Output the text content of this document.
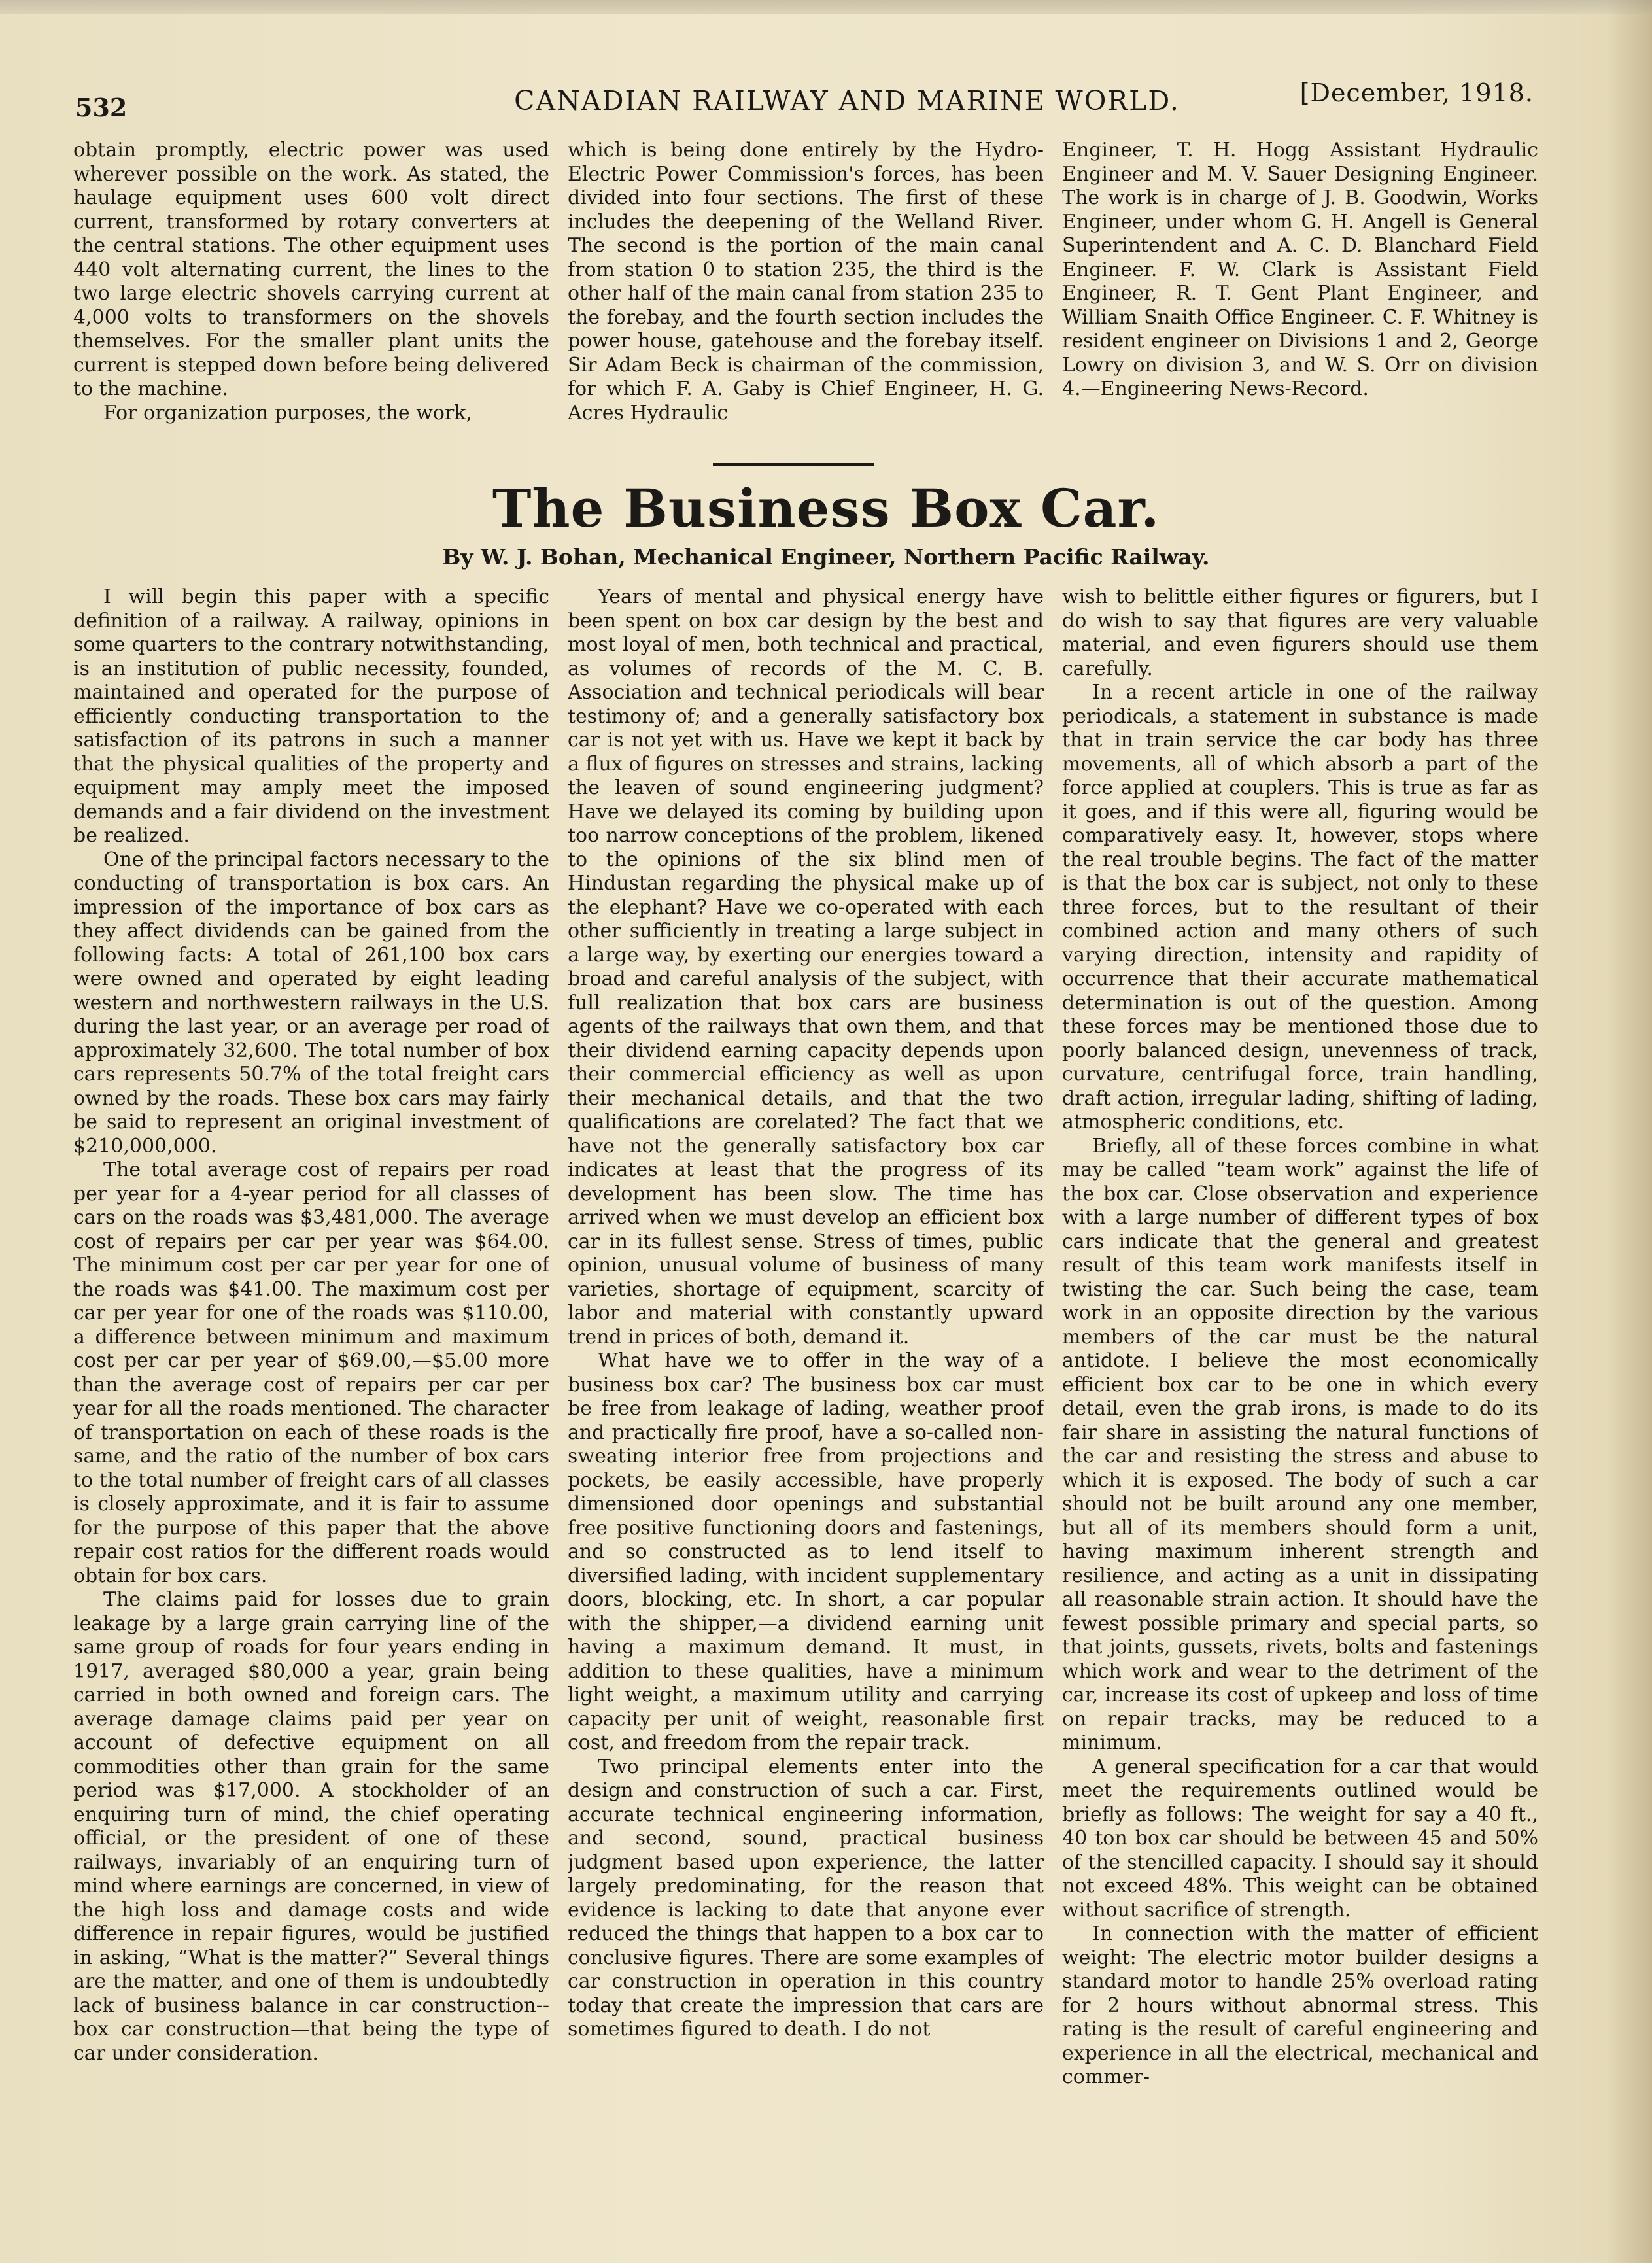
532	CANADIAN RAILWAY AND MARINE WORLD.	[December, 1918.

obtain promptly, electric power was used wherever possible on the work. As stated, the haulage equipment uses 600 volt direct current, transformed by rotary converters at the central stations. The other equipment uses 440 volt alternating current, the lines to the two large electric shovels carrying current at 4,000 volts to transformers on the shovels themselves. For the smaller plant units the current is stepped down before being delivered to the machine.

For organization purposes, the work,

which is being done entirely by the Hydro-Electric Power Commission's forces, has been divided into four sections. The first of these includes the deepening of the Welland River. The second is the portion of the main canal from station 0 to station 235, the third is the other half of the main canal from station 235 to the forebay, and the fourth section includes the power house, gatehouse and the forebay itself. Sir Adam Beck is chairman of the commission, for which F. A. Gaby is Chief Engineer, H. G. Acres Hydraulic

Engineer, T. H. Hogg Assistant Hydraulic Engineer and M. V. Sauer Designing Engineer. The work is in charge of J. B. Goodwin, Works Engineer, under whom G. H. Angell is General Superintendent and A. C. D. Blanchard Field Engineer. F. W. Clark is Assistant Field Engineer, R. T. Gent Plant Engineer, and William Snaith Office Engineer. C. F. Whitney is resident engineer on Divisions 1 and 2, George Lowry on division 3, and W. S. Orr on division 4.—Engineering News-Record.

The Business Box Car.
By W. J. Bohan, Mechanical Engineer, Northern Pacific Railway.

I will begin this paper with a specific definition of a railway. A railway, opinions in some quarters to the contrary notwithstanding, is an institution of public necessity, founded, maintained and operated for the purpose of efficiently conducting transportation to the satisfaction of its patrons in such a manner that the physical qualities of the property and equipment may amply meet the imposed demands and a fair dividend on the investment be realized.

One of the principal factors necessary to the conducting of transportation is box cars. An impression of the importance of box cars as they affect dividends can be gained from the following facts: A total of 261,100 box cars were owned and operated by eight leading western and northwestern railways in the U.S. during the last year, or an average per road of approximately 32,600. The total number of box cars represents 50.7% of the total freight cars owned by the roads. These box cars may fairly be said to represent an original investment of $210,000,000.

The total average cost of repairs per road per year for a 4-year period for all classes of cars on the roads was $3,481,000. The average cost of repairs per car per year was $64.00. The minimum cost per car per year for one of the roads was $41.00. The maximum cost per car per year for one of the roads was $110.00, a difference between minimum and maximum cost per car per year of $69.00,—$5.00 more than the average cost of repairs per car per year for all the roads mentioned. The character of transportation on each of these roads is the same, and the ratio of the number of box cars to the total number of freight cars of all classes is closely approximate, and it is fair to assume for the purpose of this paper that the above repair cost ratios for the different roads would obtain for box cars.

The claims paid for losses due to grain leakage by a large grain carrying line of the same group of roads for four years ending in 1917, averaged $80,000 a year, grain being carried in both owned and foreign cars. The average damage claims paid per year on account of defective equipment on all commodities other than grain for the same period was $17,000. A stockholder of an enquiring turn of mind, the chief operating official, or the president of one of these railways, invariably of an enquiring turn of mind where earnings are concerned, in view of the high loss and damage costs and wide difference in repair figures, would be justified in asking, “What is the matter?” Several things are the matter, and one of them is undoubtedly lack of business balance in car construction--box car construction—that being the type of car under consideration.

Years of mental and physical energy have been spent on box car design by the best and most loyal of men, both technical and practical, as volumes of records of the M. C. B. Association and technical periodicals will bear testimony of; and a generally satisfactory box car is not yet with us. Have we kept it back by a flux of figures on stresses and strains, lacking the leaven of sound engineering judgment? Have we delayed its coming by building upon too narrow conceptions of the problem, likened to the opinions of the six blind men of Hindustan regarding the physical make up of the elephant? Have we co-operated with each other sufficiently in treating a large subject in a large way, by exerting our energies toward a broad and careful analysis of the subject, with full realization that box cars are business agents of the railways that own them, and that their dividend earning capacity depends upon their commercial efficiency as well as upon their mechanical details, and that the two qualifications are corelated? The fact that we have not the generally satisfactory box car indicates at least that the progress of its development has been slow. The time has arrived when we must develop an efficient box car in its fullest sense. Stress of times, public opinion, unusual volume of business of many varieties, shortage of equipment, scarcity of labor and material with constantly upward trend in prices of both, demand it.

What have we to offer in the way of a business box car? The business box car must be free from leakage of lading, weather proof and practically fire proof, have a so-called non-sweating interior free from projections and pockets, be easily accessible, have properly dimensioned door openings and substantial free positive functioning doors and fastenings, and so constructed as to lend itself to diversified lading, with incident supplementary doors, blocking, etc. In short, a car popular with the shipper,—a dividend earning unit having a maximum demand. It must, in addition to these qualities, have a minimum light weight, a maximum utility and carrying capacity per unit of weight, reasonable first cost, and freedom from the repair track.

Two principal elements enter into the design and construction of such a car. First, accurate technical engineering information, and second, sound, practical business judgment based upon experience, the latter largely predominating, for the reason that evidence is lacking to date that anyone ever reduced the things that happen to a box car to conclusive figures. There are some examples of car construction in operation in this country today that create the impression that cars are sometimes figured to death. I do not

wish to belittle either figures or figurers, but I do wish to say that figures are very valuable material, and even figurers should use them carefully.

In a recent article in one of the railway periodicals, a statement in substance is made that in train service the car body has three movements, all of which absorb a part of the force applied at couplers. This is true as far as it goes, and if this were all, figuring would be comparatively easy. It, however, stops where the real trouble begins. The fact of the matter is that the box car is subject, not only to these three forces, but to the resultant of their combined action and many others of such varying direction, intensity and rapidity of occurrence that their accurate mathematical determination is out of the question. Among these forces may be mentioned those due to poorly balanced design, unevenness of track, curvature, centrifugal force, train handling, draft action, irregular lading, shifting of lading, atmospheric conditions, etc.

Briefly, all of these forces combine in what may be called “team work” against the life of the box car. Close observation and experience with a large number of different types of box cars indicate that the general and greatest result of this team work manifests itself in twisting the car. Such being the case, team work in an opposite direction by the various members of the car must be the natural antidote. I believe the most economically efficient box car to be one in which every detail, even the grab irons, is made to do its fair share in assisting the natural functions of the car and resisting the stress and abuse to which it is exposed. The body of such a car should not be built around any one member, but all of its members should form a unit, having maximum inherent strength and resilience, and acting as a unit in dissipating all reasonable strain action. It should have the fewest possible primary and special parts, so that joints, gussets, rivets, bolts and fastenings which work and wear to the detriment of the car, increase its cost of upkeep and loss of time on repair tracks, may be reduced to a minimum.

A general specification for a car that would meet the requirements outlined would be briefly as follows: The weight for say a 40 ft., 40 ton box car should be between 45 and 50% of the stencilled capacity. I should say it should not exceed 48%. This weight can be obtained without sacrifice of strength.

In connection with the matter of efficient weight: The electric motor builder designs a standard motor to handle 25% overload rating for 2 hours without abnormal stress. This rating is the result of careful engineering and experience in all the electrical, mechanical and commer-
